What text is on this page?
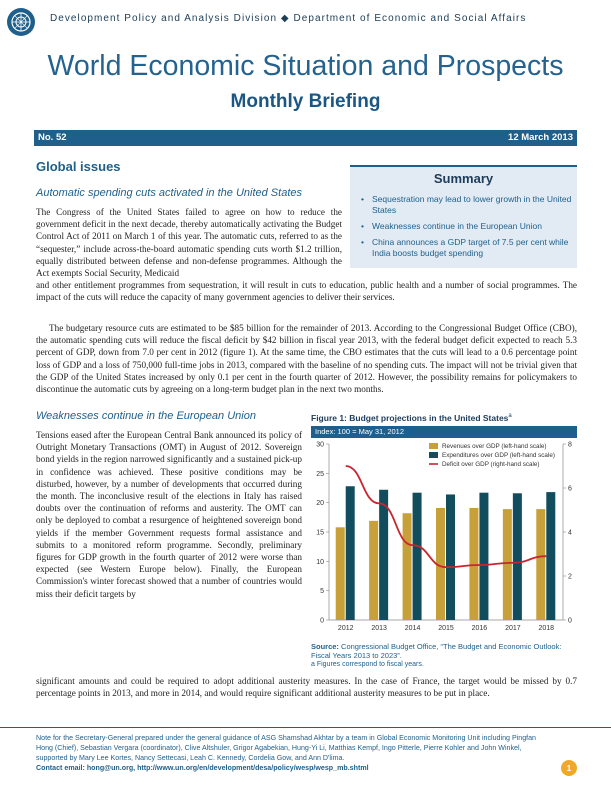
Development Policy and Analysis Division ◆ Department of Economic and Social Affairs
World Economic Situation and Prospects
Monthly Briefing
No. 52	12 March 2013
Global issues
Automatic spending cuts activated in the United States
Summary
• Sequestration may lead to lower growth in the United States
• Weaknesses continue in the European Union
• China announces a GDP target of 7.5 per cent while India boosts budget spending
The Congress of the United States failed to agree on how to reduce the government deficit in the next decade, thereby automatically activating the Budget Control Act of 2011 on March 1 of this year. The automatic cuts, referred to as the “sequester,” include across-the-board automatic spending cuts worth $1.2 trillion, equally distributed between defense and non-defense programmes. Although the Act exempts Social Security, Medicaid
and other entitlement programmes from sequestration, it will result in cuts to education, public health and a number of social programmes. The impact of the cuts will reduce the capacity of many government agencies to deliver their services.
The budgetary resource cuts are estimated to be $85 billion for the remainder of 2013. According to the Congressional Budget Office (CBO), the automatic spending cuts will reduce the fiscal deficit by $42 billion in fiscal year 2013, with the federal budget deficit expected to reach 5.3 percent of GDP, down from 7.0 per cent in 2012 (figure 1). At the same time, the CBO estimates that the cuts will lead to a 0.6 percentage point loss of GDP and a loss of 750,000 full-time jobs in 2013, compared with the baseline of no spending cuts. The impact will not be trivial given that the GDP of the United States increased by only 0.1 per cent in the fourth quarter of 2012. However, the possibility remains for policymakers to discontinue the automatic cuts by agreeing on a long-term budget plan in the next two months.
Weaknesses continue in the European Union
Tensions eased after the European Central Bank announced its policy of Outright Monetary Transactions (OMT) in August of 2012. Sovereign bond yields in the region narrowed significantly and a sustained pick-up in confidence was achieved. These positive conditions may be disturbed, however, by a number of developments that occurred during the month. The inconclusive result of the elections in Italy has raised doubts over the continuation of reforms and austerity. The OMT can only be deployed to combat a resurgence of heightened sovereign bond yields if the member Government requests formal assistance and submits to a monitored reform programme. Secondly, preliminary figures for GDP growth in the fourth quarter of 2012 were worse than expected (see Western Europe below). Finally, the European Commission's winter forecast showed that a number of countries would miss their deficit targets by
significant amounts and could be required to adopt additional austerity measures. In the case of France, the target would be missed by 0.7 percentage points in 2013, and more in 2014, and would require significant additional austerity measures to be put in place.
Figure 1: Budget projections in the United States$^a$
Index: 100 = May 31, 2012
0
5
10
15
20
25
30
0
2
4
6
8
2012	2013	2014	2015	2016	2017	2018
Revenues over GDP (left-hand scale)
Expenditures over GDP (left-hand scale)
Deficit over GDP (right-hand scale)
Source: Congressional Budget Office, “The Budget and Economic Outlook: Fiscal Years 2013 to 2023”.
a Figures correspond to fiscal years.
Note for the Secretary-General prepared under the general guidance of ASG Shamshad Akhtar by a team in Global Economic Monitoring Unit including Pingfan Hong (Chief), Sebastian Vergara (coordinator), Clive Altshuler, Grigor Agabekian, Hung-Yi Li, Matthias Kempf, Ingo Pitterle, Pierre Kohler and John Winkel, supported by Mary Lee Kortes, Nancy Settecasi, Leah C. Kennedy, Cordelia Gow, and Ann D'lima.
Contact email: hong@un.org, http://www.un.org/en/development/desa/policy/wesp/wesp_mb.shtml	1
